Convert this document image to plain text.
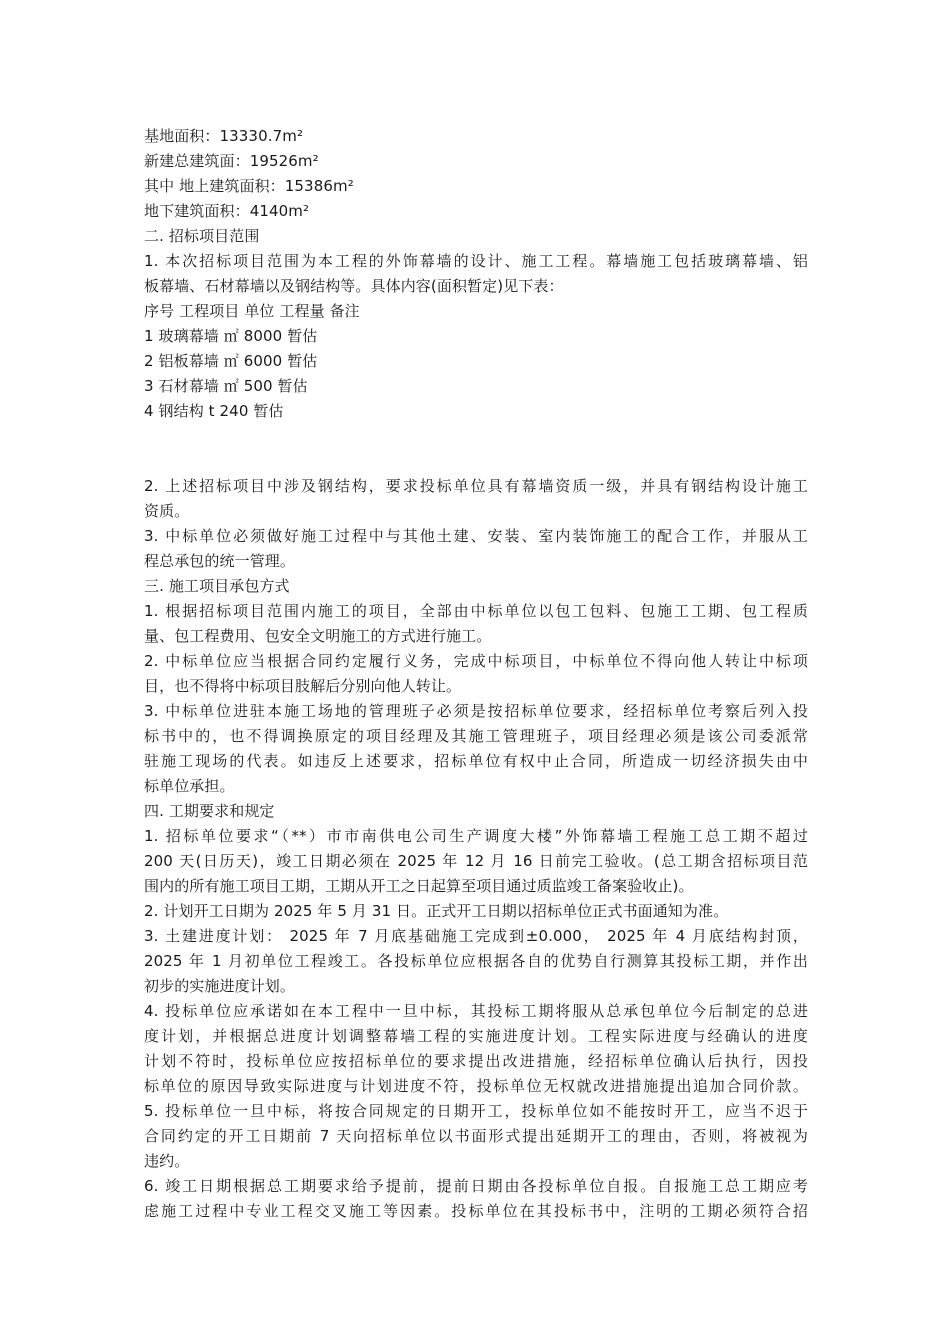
基地面积：13330.7m²
新建总建筑面：19526m²
其中 地上建筑面积：15386m²
地下建筑面积：4140m²
二. 招标项目范围
1. 本次招标项目范围为本工程的外饰幕墙的设计、施工工程。幕墙施工包括玻璃幕墙、铝
板幕墙、石材幕墙以及钢结构等。具体内容(面积暂定)见下表：
序号 工程项目 单位 工程量 备注
1 玻璃幕墙 ㎡ 8000 暂估
2 铝板幕墙 ㎡ 6000 暂估
3 石材幕墙 ㎡ 500 暂估
4 钢结构 t 240 暂估
2. 上述招标项目中涉及钢结构，要求投标单位具有幕墙资质一级，并具有钢结构设计施工
资质。
3. 中标单位必须做好施工过程中与其他土建、安装、室内装饰施工的配合工作，并服从工
程总承包的统一管理。
三. 施工项目承包方式
1. 根据招标项目范围内施工的项目，全部由中标单位以包工包料、包施工工期、包工程质
量、包工程费用、包安全文明施工的方式进行施工。
2. 中标单位应当根据合同约定履行义务，完成中标项目，中标单位不得向他人转让中标项
目，也不得将中标项目肢解后分别向他人转让。
3. 中标单位进驻本施工场地的管理班子必须是按招标单位要求，经招标单位考察后列入投
标书中的，也不得调换原定的项目经理及其施工管理班子，项目经理必须是该公司委派常
驻施工现场的代表。如违反上述要求，招标单位有权中止合同，所造成一切经济损失由中
标单位承担。
四. 工期要求和规定
1. 招标单位要求“（**）市市南供电公司生产调度大楼”外饰幕墙工程施工总工期不超过
200 天(日历天)，竣工日期必须在 2025 年 12 月 16 日前完工验收。(总工期含招标项目范
围内的所有施工项目工期，工期从开工之日起算至项目通过质监竣工备案验收止)。
2. 计划开工日期为 2025 年 5 月 31 日。正式开工日期以招标单位正式书面通知为准。
3. 土建进度计划： 2025 年 7 月底基础施工完成到±0.000， 2025 年 4 月底结构封顶，
2025 年 1 月初单位工程竣工。各投标单位应根据各自的优势自行测算其投标工期，并作出
初步的实施进度计划。
4. 投标单位应承诺如在本工程中一旦中标，其投标工期将服从总承包单位今后制定的总进
度计划，并根据总进度计划调整幕墙工程的实施进度计划。工程实际进度与经确认的进度
计划不符时，投标单位应按招标单位的要求提出改进措施，经招标单位确认后执行，因投
标单位的原因导致实际进度与计划进度不符，投标单位无权就改进措施提出追加合同价款。
5. 投标单位一旦中标，将按合同规定的日期开工，投标单位如不能按时开工，应当不迟于
合同约定的开工日期前 7 天向招标单位以书面形式提出延期开工的理由，否则，将被视为
违约。
6. 竣工日期根据总工期要求给予提前，提前日期由各投标单位自报。自报施工总工期应考
虑施工过程中专业工程交叉施工等因素。投标单位在其投标书中，注明的工期必须符合招
